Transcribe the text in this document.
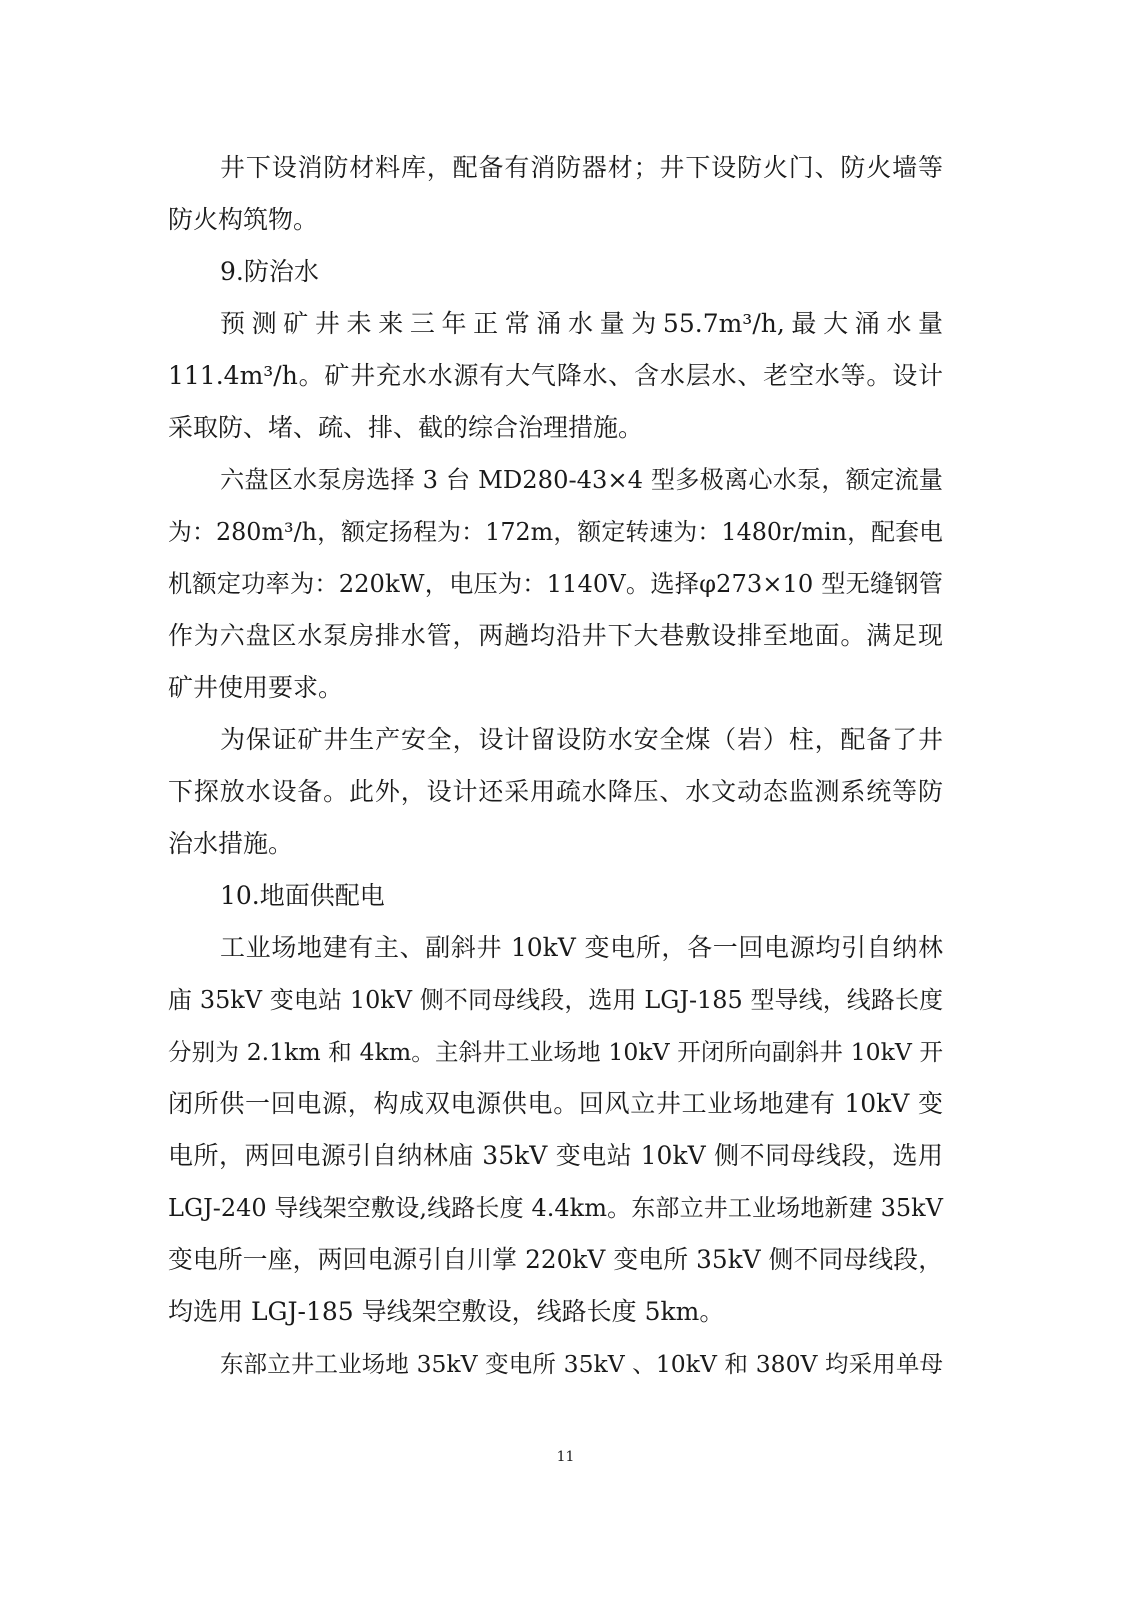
井下设消防材料库，配备有消防器材；井下设防火门、防火墙等
防火构筑物。
9.防治水
预测矿井未来三年正常涌水量为55.7m³/h,最大涌水量
111.4m³/h。矿井充水水源有大气降水、含水层水、老空水等。设计
采取防、堵、疏、排、截的综合治理措施。
六盘区水泵房选择 3 台 MD280-43×4 型多极离心水泵，额定流量
为：280m³/h，额定扬程为：172m，额定转速为：1480r/min，配套电
机额定功率为：220kW，电压为：1140V。选择φ273×10 型无缝钢管
作为六盘区水泵房排水管，两趟均沿井下大巷敷设排至地面。满足现
矿井使用要求。
为保证矿井生产安全，设计留设防水安全煤（岩）柱，配备了井
下探放水设备。此外，设计还采用疏水降压、水文动态监测系统等防
治水措施。
10.地面供配电
工业场地建有主、副斜井 10kV 变电所，各一回电源均引自纳林
庙 35kV 变电站 10kV 侧不同母线段，选用 LGJ-185 型导线，线路长度
分别为 2.1km 和 4km。主斜井工业场地 10kV 开闭所向副斜井 10kV 开
闭所供一回电源，构成双电源供电。回风立井工业场地建有 10kV 变
电所，两回电源引自纳林庙 35kV 变电站 10kV 侧不同母线段，选用
LGJ-240 导线架空敷设,线路长度 4.4km。东部立井工业场地新建 35kV
变电所一座，两回电源引自川掌 220kV 变电所 35kV 侧不同母线段，
均选用 LGJ-185 导线架空敷设，线路长度 5km。
东部立井工业场地 35kV 变电所 35kV 、10kV 和 380V 均采用单母
11
